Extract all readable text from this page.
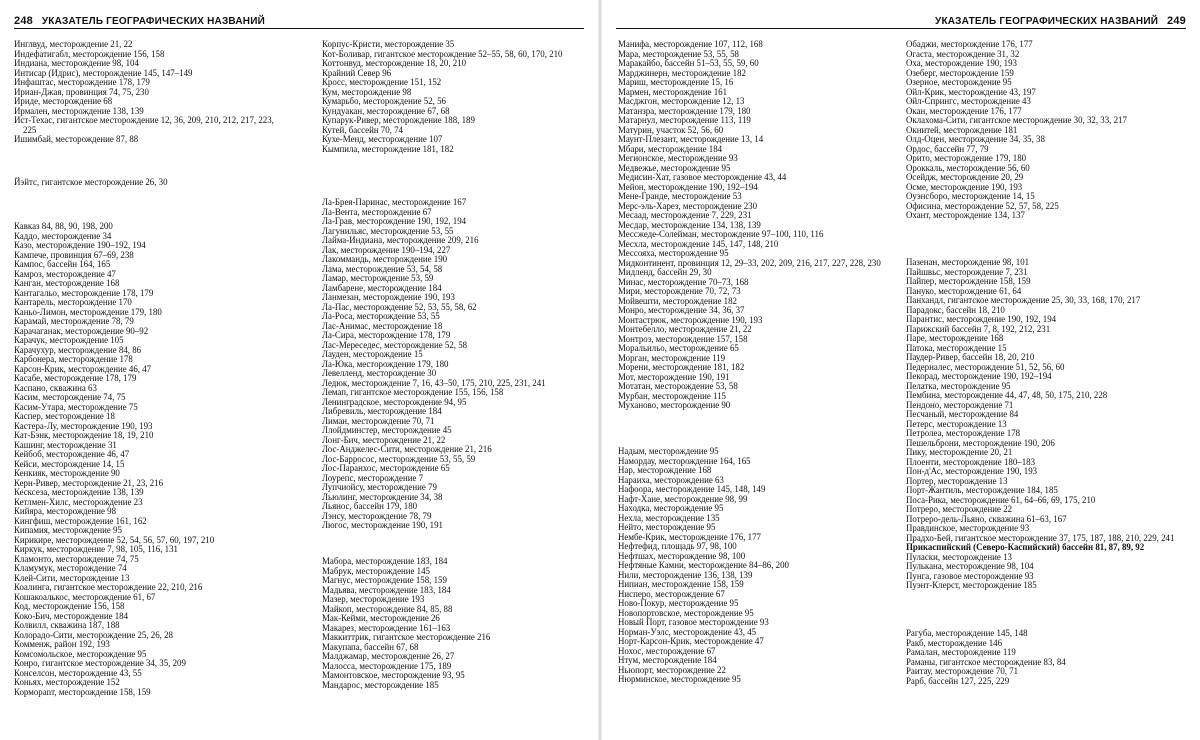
248 УКАЗАТЕЛЬ ГЕОГРАФИЧЕСКИХ НАЗВАНИЙ
Инглвуд, месторождение 21, 22
Индефатигабл, месторождение 156, 158
Индиана, месторождение 98, 104
Интисар (Идрис), месторождение 145, 147–149
Инфаштаc, месторождение 178, 179
Ириан-Джая, провинция 74, 75, 230
Ириде, месторождение 68
Ирмален, месторождение 138, 139
Ист-Техас, гигантское месторождение 12, 36, 209, 210, 212, 217, 223, 225
Ишимбай, месторождение 87, 88
Йэйтс, гигантское месторождение 26, 30
Кавказ 84, 88, 90, 198, 200
Каддо, месторождение 34
Казо, месторождение 190–192, 194
Кампече, провинция 67–69, 238
Кампос, бассейн 164, 165
Камрoз, месторождение 47
Канган, месторождение 168
Кантагальо, месторождение 178, 179
Кантарель, месторождение 170
Каньо-Лимон, месторождение 179, 180
Карамай, месторождение 78, 79
Карачаганак, месторождение 90–92
Карачук, месторождение 105
Карачухур, месторождение 84, 86
Карбонера, месторождение 178
Карсон-Крик, месторождение 46, 47
Касабе, месторождение 178, 179
Каспано, скважина 63
Касим, месторождение 74, 75
Касим-Утара, месторождение 75
Каспер, месторождение 18
Кастера-Лу, месторождение 190, 193
Кат-Бэнк, месторождение 18, 19, 210
Кашинг, месторождение 31
Кейбоб, месторождение 46, 47
Кейси, месторождение 14, 15
Кенкияк, месторождение 90
Керн-Ривер, месторождение 21, 23, 216
Кесксеза, месторождение 138, 139
Кетлмен-Хилс, месторождение 23
Кийяра, месторождение 98
Кингфиш, месторождение 161, 162
Кипамия, месторождение 95
Кирикире, месторождение 52, 54, 56, 57, 60, 197, 210
Киркук, месторождение 7, 98, 105, 116, 131
Кламонто, месторождение 74, 75
Кламумук, месторождение 74
Клей-Сити, месторождение 13
Коалинга, гигантское месторождение 22, 210, 216
Кошакоалькос, месторождение 61, 67
Код, месторождение 156, 158
Коко-Бич, месторождение 184
Колвилл, скважина 187, 188
Колорадо-Сити, месторождение 25, 26, 28
Комменж, район 192, 193
Комсомольское, месторождение 95
Конро, гигантское месторождение 34, 35, 209
Конселсон, месторождение 43, 55
Коньях, месторождение 152
Кормораnт, месторождение 158, 159
Корпус-Кристи, месторождение 35
Кот-Боливар, гигантское месторождение 52–55, 58, 60, 170, 210
Коттонвуд, месторождение 18, 20, 210
Крайний Север 96
Кросс, месторождение 151, 152
Кум, месторождение 98
Кумарьбо, месторождение 52, 56
Кундуакан, месторождение 67, 68
Купарук-Ривер, месторождение 188, 189
Кутей, бассейн 70, 74
Кухе-Менд, месторождение 107
Кымпила, месторождение 181, 182
Ла-Брея-Паринас, месторождение 167
Ла-Вента, месторождение 67
Ла-Грав, месторождение 190, 192, 194
Лагунильяс, месторождение 53, 55
Лайма-Индиана, месторождение 209, 216
Лак, месторождение 190–194, 227
Лакоммандь, месторождение 190
Лама, месторождение 53, 54, 58
Ламар, месторождение 53, 59
Ламбарене, месторождение 184
Ланмезан, месторождение 190, 193
Ла-Пас, месторождение 52, 53, 55, 58, 62
Ла-Роса, месторождение 53, 55
Лас-Анимас, месторождение 18
Ла-Сира, месторождение 178, 179
Лас-Мереседес, месторождение 52, 58
Лауден, месторождение 15
Ла-Юка, месторождение 179, 180
Левелленд, месторождение 30
Ледюк, месторождение 7, 16, 43–50, 175, 210, 225, 231, 241
Лемап, гигантское месторождение 155, 156, 158
Ленинградское, месторождение 94, 95
Либревиль, месторождение 184
Лиман, месторождение 70, 71
Ллойдминстер, месторождение 45
Лонг-Бич, месторождение 21, 22
Лос-Анджелес-Сити, месторождение 21, 216
Лос-Барросос, месторождение 53, 55, 59
Лос-Паранхос, месторождение 65
Лоурепс, месторождение 7
Лупчиойсу, месторождение 79
Льюлинг, месторождение 34, 38
Льянос, бассейн 179, 180
Лэнсу, месторождение 78, 79
Люгос, месторождение 190, 191
Мабора, месторождение 183, 184
Мабрук, месторождение 145
Магнус, месторождение 158, 159
Мадьява, месторождение 183, 184
Мазер, месторождение 193
Майкоп, месторождение 84, 85, 88
Мак-Кейми, месторождение 26
Макарез, месторождение 161–163
Маккиттрик, гигантское месторождение 216
Макупапа, бассейн 67, 68
Малджамар, месторождение 26, 27
Малосса, месторождение 175, 189
Мамонтовское, месторождение 93, 95
Мандарос, месторождение 185
УКАЗАТЕЛЬ ГЕОГРАФИЧЕСКИХ НАЗВАНИЙ 249
Манифа, месторождение 107, 112, 168
Мара, месторождение 53, 55, 58
Маракайбо, бассейн 51–53, 55, 59, 60
Марджинерн, месторождение 182
Мариш, месторождение 15, 16
Мармен, месторождение 161
Масджгон, месторождение 12, 13
Матанзра, месторождение 179, 180
Матарнул, месторождение 113, 119
Матурин, участок 52, 56, 60
Маунт-Плезант, месторождение 13, 14
Мбари, месторождение 184
Мегионское, месторождение 93
Медвежье, месторождение 95
Медисин-Хат, газовое месторождение 43, 44
Мейон, месторождение 190, 192–194
Мене-Гранде, месторождение 53
Мерс-эль-Харез, месторождение 230
Месаад, месторождение 7, 229, 231
Месдар, месторождение 134, 138, 139
Мессжеде-Солейман, месторождение 97–100, 110, 116
Месхла, месторождение 145, 147, 148, 210
Мессояха, месторождение 95
Мидконтинент, провинция 12, 29–33, 202, 209, 216, 217, 227, 228, 230
Мидленд, бассейн 29, 30
Минас, месторождение 70–73, 168
Мири, месторождение 70, 72, 73
Мойвешти, месторождение 182
Монро, месторождение 34, 36, 37
Монтастрюк, месторождение 190, 193
Монтебелло, месторождение 21, 22
Монтроз, месторождение 157, 158
Моральильо, месторождение 65
Морган, месторождение 119
Морени, месторождение 181, 182
Мот, месторождение 190, 191
Мотатан, месторождение 53, 58
Мурбан, месторождение 115
Муханово, месторождение 90
Надым, месторождение 95
Намордау, месторождение 164, 165
Нар, месторождение 168
Нараиха, месторождение 63
Нафоора, месторождение 145, 148, 149
Нафт-Хане, месторождение 98, 99
Находка, месторождение 95
Нехла, месторождение 135
Нейто, месторождение 95
Нембе-Крик, месторождение 176, 177
Нефтефид, площадь 97, 98, 100
Нефтшах, месторождение 98, 100
Нефтяные Камни, месторождение 84–86, 200
Нили, месторождение 136, 138, 139
Нипиан, месторождение 158, 159
Нисперо, месторождение 67
Ново-Покур, месторождение 95
Новопортовское, месторождение 95
Новый Порт, газовое месторождение 93
Норман-Уэлс, месторождение 43, 45
Норт-Карсон-Крик, месторождение 47
Нохос, месторождение 67
Нтум, месторождение 184
Ньюпорт, месторождение 22
Нюрминское, месторождение 95
Обаджи, месторождение 176, 177
Огаста, месторождение 31, 32
Оха, месторождение 190, 193
Озеберг, месторождение 159
Озерное, месторождение 95
Ойл-Крик, месторождение 43, 197
Ойл-Спрингс, месторождение 43
Окан, месторождение 176, 177
Оклахома-Сити, гигантское месторождение 30, 32, 33, 217
Окнитей, месторождение 181
Олд-Оцен, месторождение 34, 35, 38
Ордос, бассейн 77, 79
Орито, месторождение 179, 180
Ороккаль, месторождение 56, 60
Осейдж, месторождение 20, 29
Осме, месторождение 190, 193
Оуэнсборо, месторождение 14, 15
Офисина, месторождение 52, 57, 58, 225
Охант, месторождение 134, 137
Пазенан, месторождение 98, 101
Пайшвьс, месторождение 7, 231
Пайпер, месторождение 158, 159
Пануко, месторождение 61, 64
Панхандл, гигантское месторождение 25, 30, 33, 168, 170, 217
Парадокс, бассейн 18, 210
Парантис, месторождение 190, 192, 194
Парижский бассейн 7, 8, 192, 212, 231
Паре, месторождение 168
Патока, месторождение 15
Паудер-Ривер, бассейн 18, 20, 210
Педерналес, месторождение 51, 52, 56, 60
Пекорад, месторождение 190, 192–194
Пелатка, месторождение 95
Пембина, месторождение 44, 47, 48, 50, 175, 210, 228
Пендоно, месторождение 71
Песчаный, месторождение 84
Петерс, месторождение 13
Петролеа, месторождение 178
Пешельброни, месторождение 190, 206
Пику, месторождение 20, 21
Плоенти, месторождение 180–183
Пон-д'Ас, месторождение 190, 193
Портер, месторождение 13
Порт-Жантиль, месторождение 184, 185
Поса-Рика, месторождение 61, 64–66, 69, 175, 210
Потреро, месторождение 22
Потреро-дель-Льяно, скважина 61–63, 167
Правдинское, месторождение 93
Прадхо-Бей, гигантское месторождение 37, 175, 187, 188, 210, 229, 241
Прикаспийский (Северо-Каспийский) бассейн 81, 87, 89, 92
Пуласки, месторождение 13
Пулькана, месторождение 98, 104
Пунга, газовое месторождение 93
Пуэнт-Клерст, месторождение 185
Рагуба, месторождение 145, 148
Ракб, месторождение 146
Рамалан, месторождение 119
Раманы, гигантское месторождение 83, 84
Раитау, месторождение 70, 71
Рарб, бассейн 127, 225, 229
